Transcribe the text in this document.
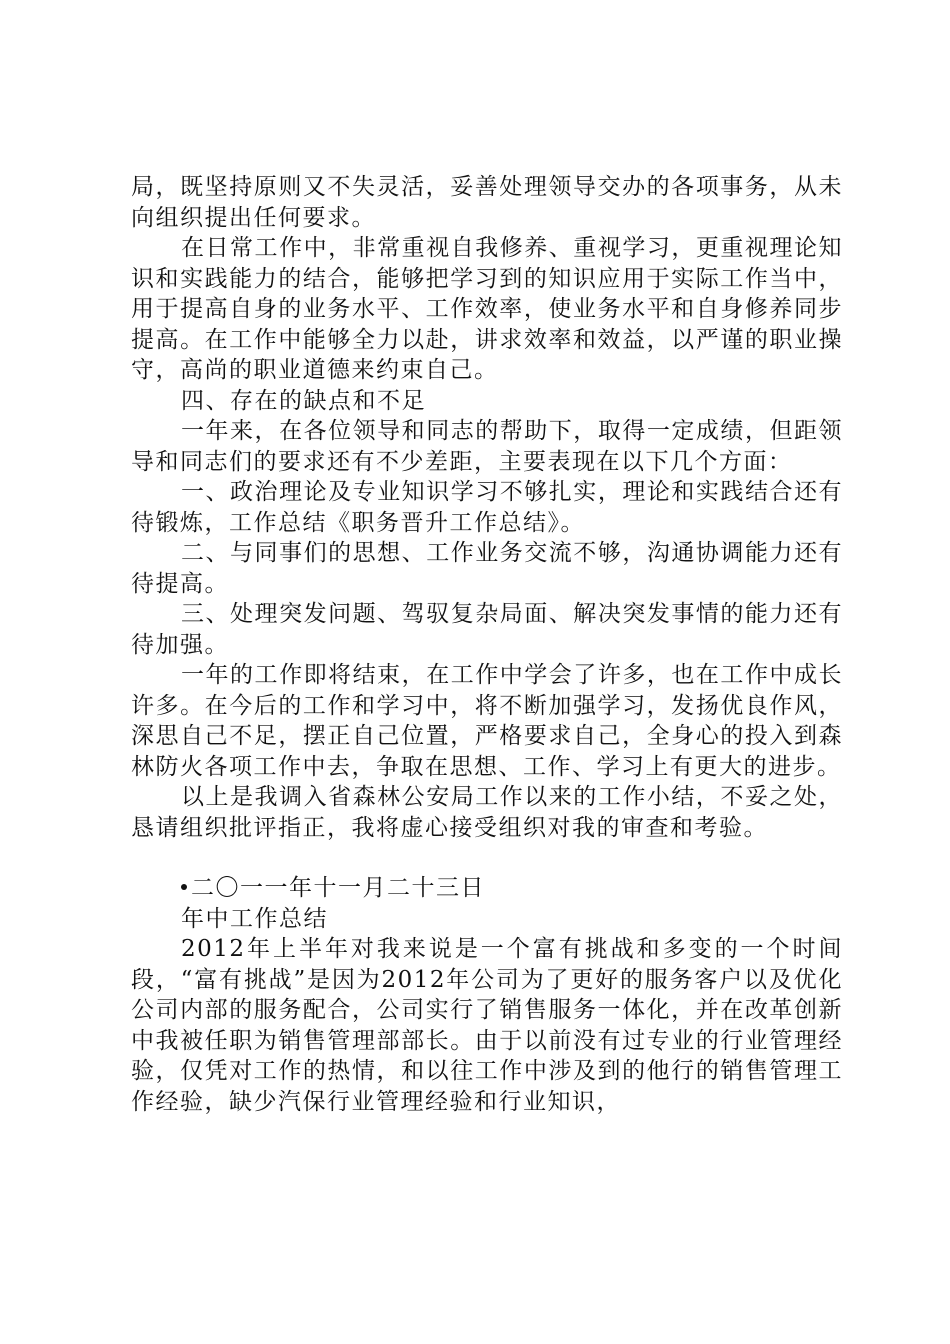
局，既坚持原则又不失灵活，妥善处理领导交办的各项事务，从未向组织提出任何要求。

在日常工作中，非常重视自我修养、重视学习，更重视理论知识和实践能力的结合，能够把学习到的知识应用于实际工作当中，用于提高自身的业务水平、工作效率，使业务水平和自身修养同步提高。在工作中能够全力以赴，讲求效率和效益，以严谨的职业操守，高尚的职业道德来约束自己。

四、存在的缺点和不足

一年来，在各位领导和同志的帮助下，取得一定成绩，但距领导和同志们的要求还有不少差距，主要表现在以下几个方面：

一、政治理论及专业知识学习不够扎实，理论和实践结合还有待锻炼，工作总结《职务晋升工作总结》。

二、与同事们的思想、工作业务交流不够，沟通协调能力还有待提高。

三、处理突发问题、驾驭复杂局面、解决突发事情的能力还有待加强。

一年的工作即将结束，在工作中学会了许多，也在工作中成长许多。在今后的工作和学习中，将不断加强学习，发扬优良作风，深思自己不足，摆正自己位置，严格要求自己，全身心的投入到森林防火各项工作中去，争取在思想、工作、学习上有更大的进步。

以上是我调入省森林公安局工作以来的工作小结，不妥之处，恳请组织批评指正，我将虚心接受组织对我的审查和考验。

二〇一一年十一月二十三日

年中工作总结

2012年上半年对我来说是一个富有挑战和多变的一个时间段，“富有挑战”是因为2012年公司为了更好的服务客户以及优化公司内部的服务配合，公司实行了销售服务一体化，并在改革创新中我被任职为销售管理部部长。由于以前没有过专业的行业管理经验，仅凭对工作的热情，和以往工作中涉及到的他行的销售管理工作经验，缺少汽保行业管理经验和行业知识，
